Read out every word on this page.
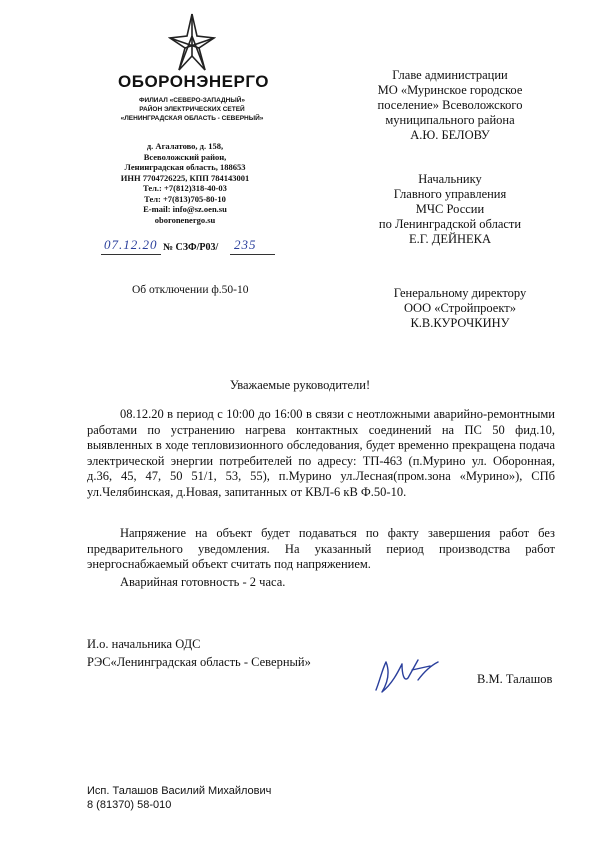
ОБОРОНЭНЕРГО
ФИЛИАЛ «СЕВЕРО-ЗАПАДНЫЙ»
РАЙОН ЭЛЕКТРИЧЕСКИХ СЕТЕЙ
«ЛЕНИНГРАДСКАЯ ОБЛАСТЬ - СЕВЕРНЫЙ»
д. Агалатово, д. 158,
Всеволожский район,
Ленинградская область, 188653
ИНН 7704726225, КПП 784143001
Тел.: +7(812)318-40-03
Тел: +7(813)705-80-10
E-mail: info@sz.oen.su
oboronenergo.su
07.12.20 № СЗФ/Р03/ 235
Об отключении ф.50-10
Главе администрации
МО «Муринское городское
поселение» Всеволожского
муниципального района
А.Ю. БЕЛОВУ
Начальнику
Главного управления
МЧС России
по Ленинградской области
Е.Г. ДЕЙНЕКА
Генеральному директору
ООО «Стройпроект»
К.В.КУРОЧКИНУ
Уважаемые руководители!
08.12.20 в период с 10:00 до 16:00 в связи с неотложными аварийно-ремонтными работами по устранению нагрева контактных соединений на ПС 50 фид.10, выявленных в ходе тепловизионного обследования, будет временно прекращена подача электрической энергии потребителей по адресу: ТП-463 (п.Мурино ул. Оборонная, д.36, 45, 47, 50 51/1, 53, 55), п.Мурино ул.Лесная(пром.зона «Мурино»), СПб ул.Челябинская, д.Новая, запитанных от КВЛ-6 кВ Ф.50-10.
Напряжение на объект будет подаваться по факту завершения работ без предварительного уведомления. На указанный период производства работ энергоснабжаемый объект считать под напряжением.
Аварийная готовность - 2 часа.
И.о. начальника ОДС
РЭС«Ленинградская область - Северный»
В.М. Талашов
Исп. Талашов Василий Михайлович
8 (81370) 58-010
